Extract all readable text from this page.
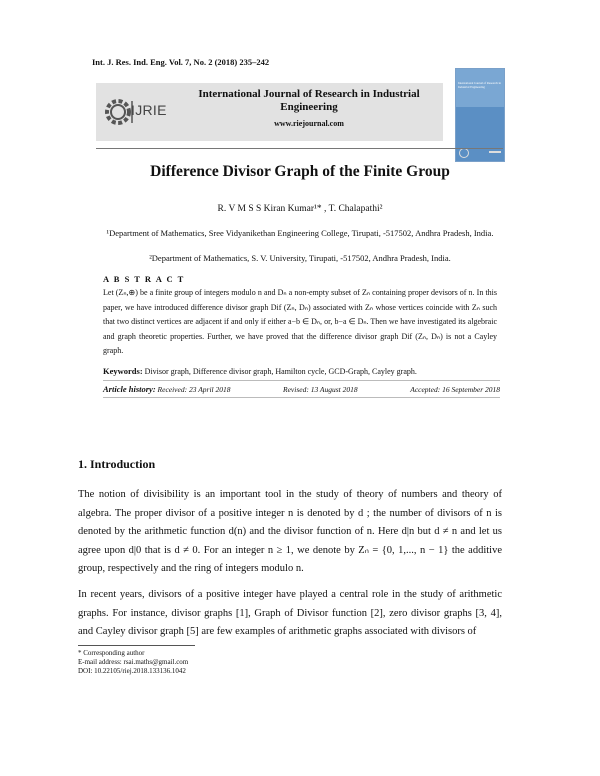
Int. J. Res. Ind. Eng. Vol. 7, No. 2 (2018) 235–242
IJRIE
International Journal of Research in Industrial Engineering
www.riejournal.com
International Journal of Research in Industrial Engineering
Difference Divisor Graph of the Finite Group
R. V M S S Kiran Kumar¹* , T. Chalapathi²
¹Department of Mathematics, Sree Vidyanikethan Engineering College, Tirupati, -517502, Andhra Pradesh, India.
²Department of Mathematics, S. V. University, Tirupati, -517502, Andhra Pradesh, India.
A B S T R A C T
Let (Zₙ,⊕) be a finite group of integers modulo n and Dₙ a non-empty subset of Zₙ containing proper devisors of n. In this paper, we have introduced difference divisor graph Dif (Zₙ, Dₙ) associated with Zₙ whose vertices coincide with Zₙ such that two distinct vertices are adjacent if and only if either a−b ∈ Dₙ, or, b−a ∈ Dₙ. Then we have investigated its algebraic and graph theoretic properties. Further, we have proved that the difference divisor graph Dif (Zₙ, Dₙ) is not a Cayley graph.
Keywords: Divisor graph, Difference divisor graph, Hamilton cycle, GCD-Graph, Cayley graph.
Article history: Received: 23 April 2018	Revised: 13 August 2018	Accepted: 16 September 2018
1. Introduction
The notion of divisibility is an important tool in the study of theory of numbers and theory of algebra. The proper divisor of a positive integer n is denoted by d ; the number of divisors of n is denoted by the arithmetic function d(n) and the divisor function of n. Here d|n but d ≠ n and let us agree upon d|0 that is d ≠ 0. For an integer n ≥ 1, we denote by Zₙ = {0, 1,..., n − 1} the additive group, respectively and the ring of integers modulo n.
In recent years, divisors of a positive integer have played a central role in the study of arithmetic graphs. For instance, divisor graphs [1], Graph of Divisor function [2], zero divisor graphs [3, 4], and Cayley divisor graph [5] are few examples of arithmetic graphs associated with divisors of
* Corresponding author
E-mail address: rsai.maths@gmail.com
DOI: 10.22105/riej.2018.133136.1042
